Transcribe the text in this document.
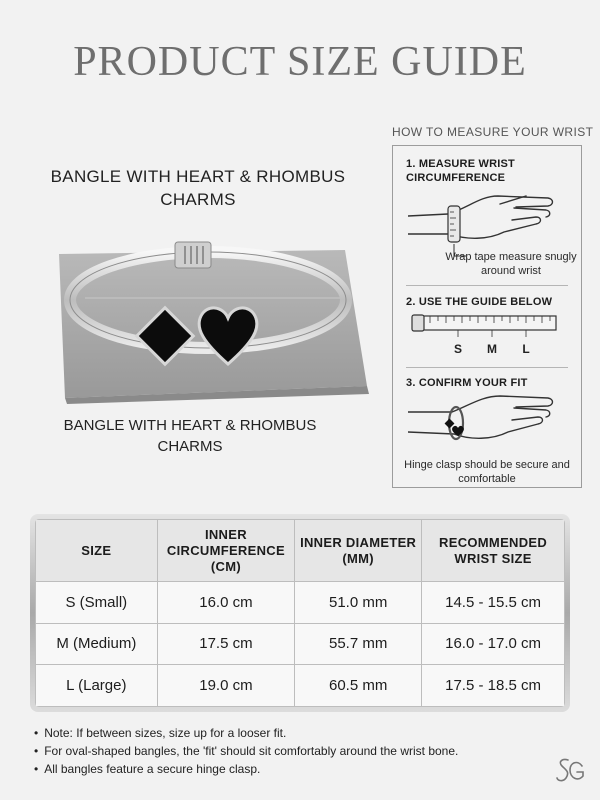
PRODUCT SIZE GUIDE
BANGLE WITH HEART & RHOMBUS CHARMS
BANGLE WITH HEART & RHOMBUS CHARMS
HOW TO MEASURE YOUR WRIST
1. MEASURE WRIST CIRCUMFERENCE
Wrap tape measure snugly around wrist
2. USE THE GUIDE BELOW
S M L
3. CONFIRM YOUR FIT
Hinge clasp should be secure and comfortable
SIZE	INNER CIRCUMFERENCE (CM)	INNER DIAMETER (MM)	RECOMMENDED WRIST SIZE
S (Small)	16.0 cm	51.0 mm	14.5 - 15.5 cm
M (Medium)	17.5 cm	55.7 mm	16.0 - 17.0 cm
L (Large)	19.0 cm	60.5 mm	17.5 - 18.5 cm
• Note: If between sizes, size up for a looser fit.
• For oval-shaped bangles, the 'fit' should sit comfortably around the wrist bone.
• All bangles feature a secure hinge clasp.
